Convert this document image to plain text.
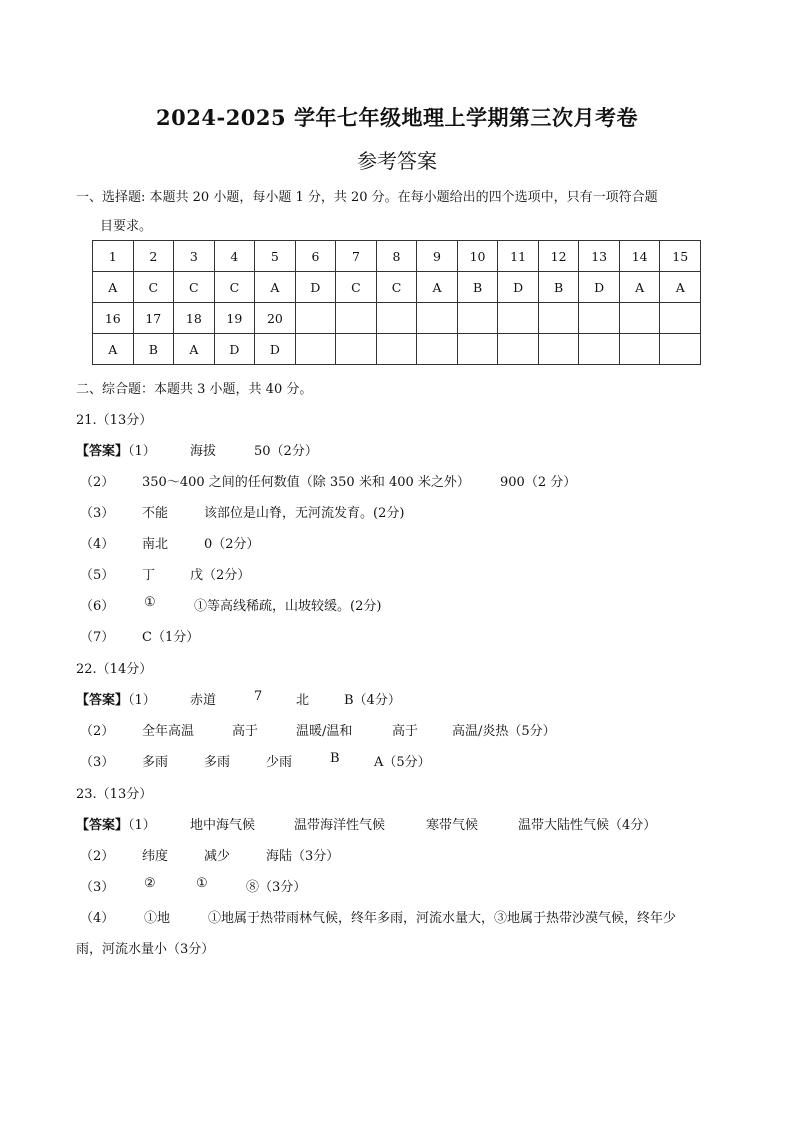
2024-2025 学年七年级地理上学期第三次月考卷
参考答案
一、选择题: 本题共 20 小题，每小题 1 分，共 20 分。在每小题给出的四个选项中，只有一项符合题
目要求。
1	2	3	4	5	6	7	8	9	10	11	12	13	14	15
A	C	C	C	A	D	C	C	A	B	D	B	D	A	A
16	17	18	19	20										
A	B	A	D	D										
二、综合题：本题共 3 小题，共 40 分。
21.（13分）
【答案】（1）	海拔	50（2分）
（2） 350～400 之间的任何数值（除 350 米和 400 米之外） 900（2 分）
（3） 不能	该部位是山脊，无河流发育。(2分)
（4） 南北	0（2分）
（5） 丁	戊（2分）
（6） ①	①等高线稀疏，山坡较缓。(2分)
（7） C（1分）
22.（14分）
【答案】（1）	赤道	7	北	B（4分）
（2） 全年高温	高于	温暖/温和	高于	高温/炎热（5分）
（3） 多雨	多雨	少雨	B	A（5分）
23.（13分）
【答案】（1）	地中海气候	温带海洋性气候	寒带气候	温带大陆性气候（4分）
（2） 纬度	减少	海陆（3分）
（3） ②	①	⑧（3分）
（4） ①地	①地属于热带雨林气候，终年多雨，河流水量大，③地属于热带沙漠气候，终年少
雨，河流水量小（3分）
